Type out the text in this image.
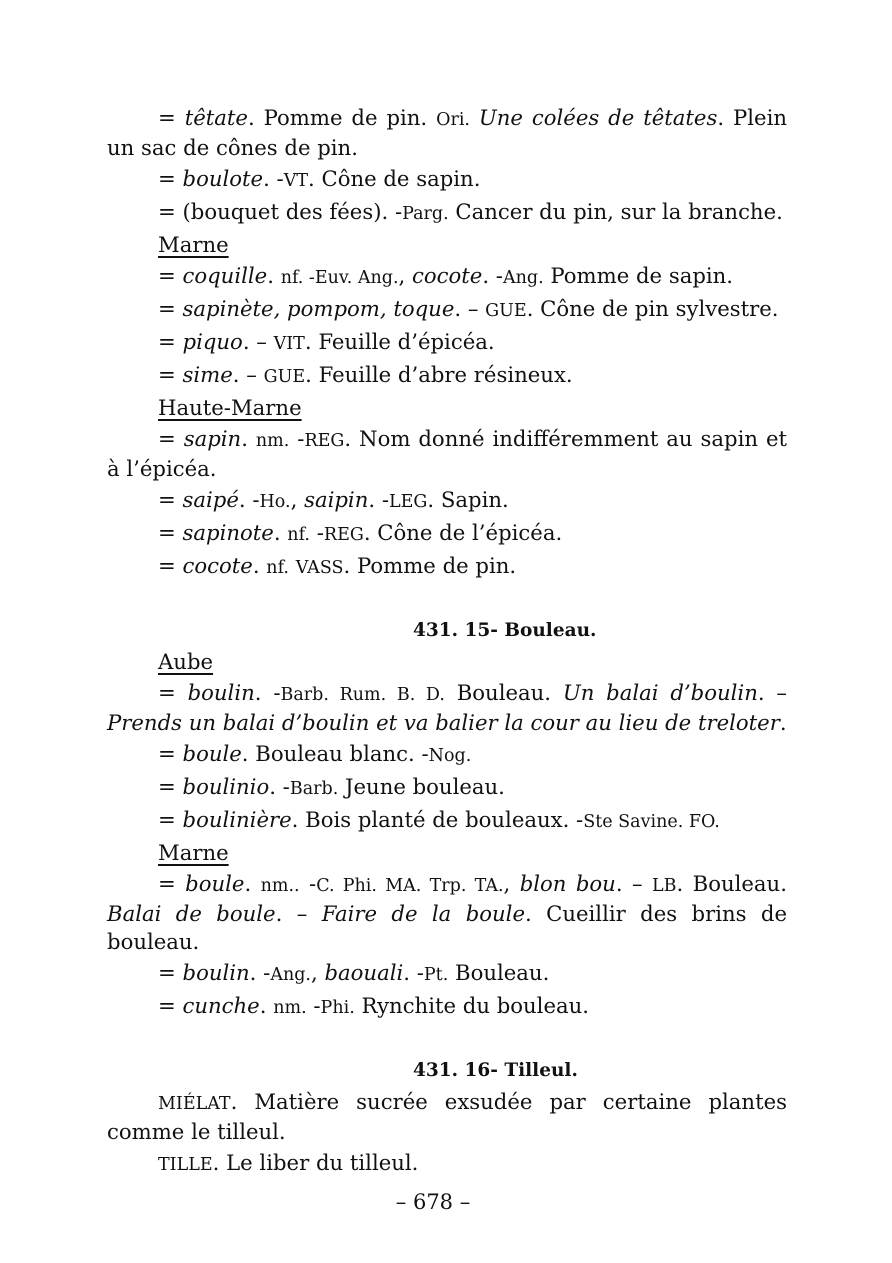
= têtate. Pomme de pin. Ori. Une colées de têtates. Plein un sac de cônes de pin.

= boulote. -VT. Cône de sapin.

= (bouquet des fées). -Parg. Cancer du pin, sur la branche.

Marne

= coquille. nf. -Euv. Ang., cocote. -Ang. Pomme de sapin.

= sapinète, pompom, toque. – GUE. Cône de pin sylvestre.

= piquo. – VIT. Feuille d’épicéa.

= sime. – GUE. Feuille d’abre résineux.

Haute-Marne

= sapin. nm. -REG. Nom donné indifféremment au sapin et à l’épicéa.

= saipé. -Ho., saipin. -LEG. Sapin.

= sapinote. nf. -REG. Cône de l’épicéa.

= cocote. nf. VASS. Pomme de pin.

431. 15- Bouleau.

Aube

= boulin. -Barb. Rum. B. D. Bouleau. Un balai d’boulin. – Prends un balai d’boulin et va balier la cour au lieu de treloter.

= boule. Bouleau blanc. -Nog.

= boulinio. -Barb. Jeune bouleau.

= boulinière. Bois planté de bouleaux. -Ste Savine. FO.

Marne

= boule. nm.. -C. Phi. MA. Trp. TA., blon bou. – LB. Bouleau. Balai de boule. – Faire de la boule. Cueillir des brins de bouleau.

= boulin. -Ang., baouali. -Pt. Bouleau.

= cunche. nm. -Phi. Rynchite du bouleau.

431. 16- Tilleul.

MIÉLAT. Matière sucrée exsudée par certaine plantes comme le tilleul.

TILLE. Le liber du tilleul.

– 678 –
